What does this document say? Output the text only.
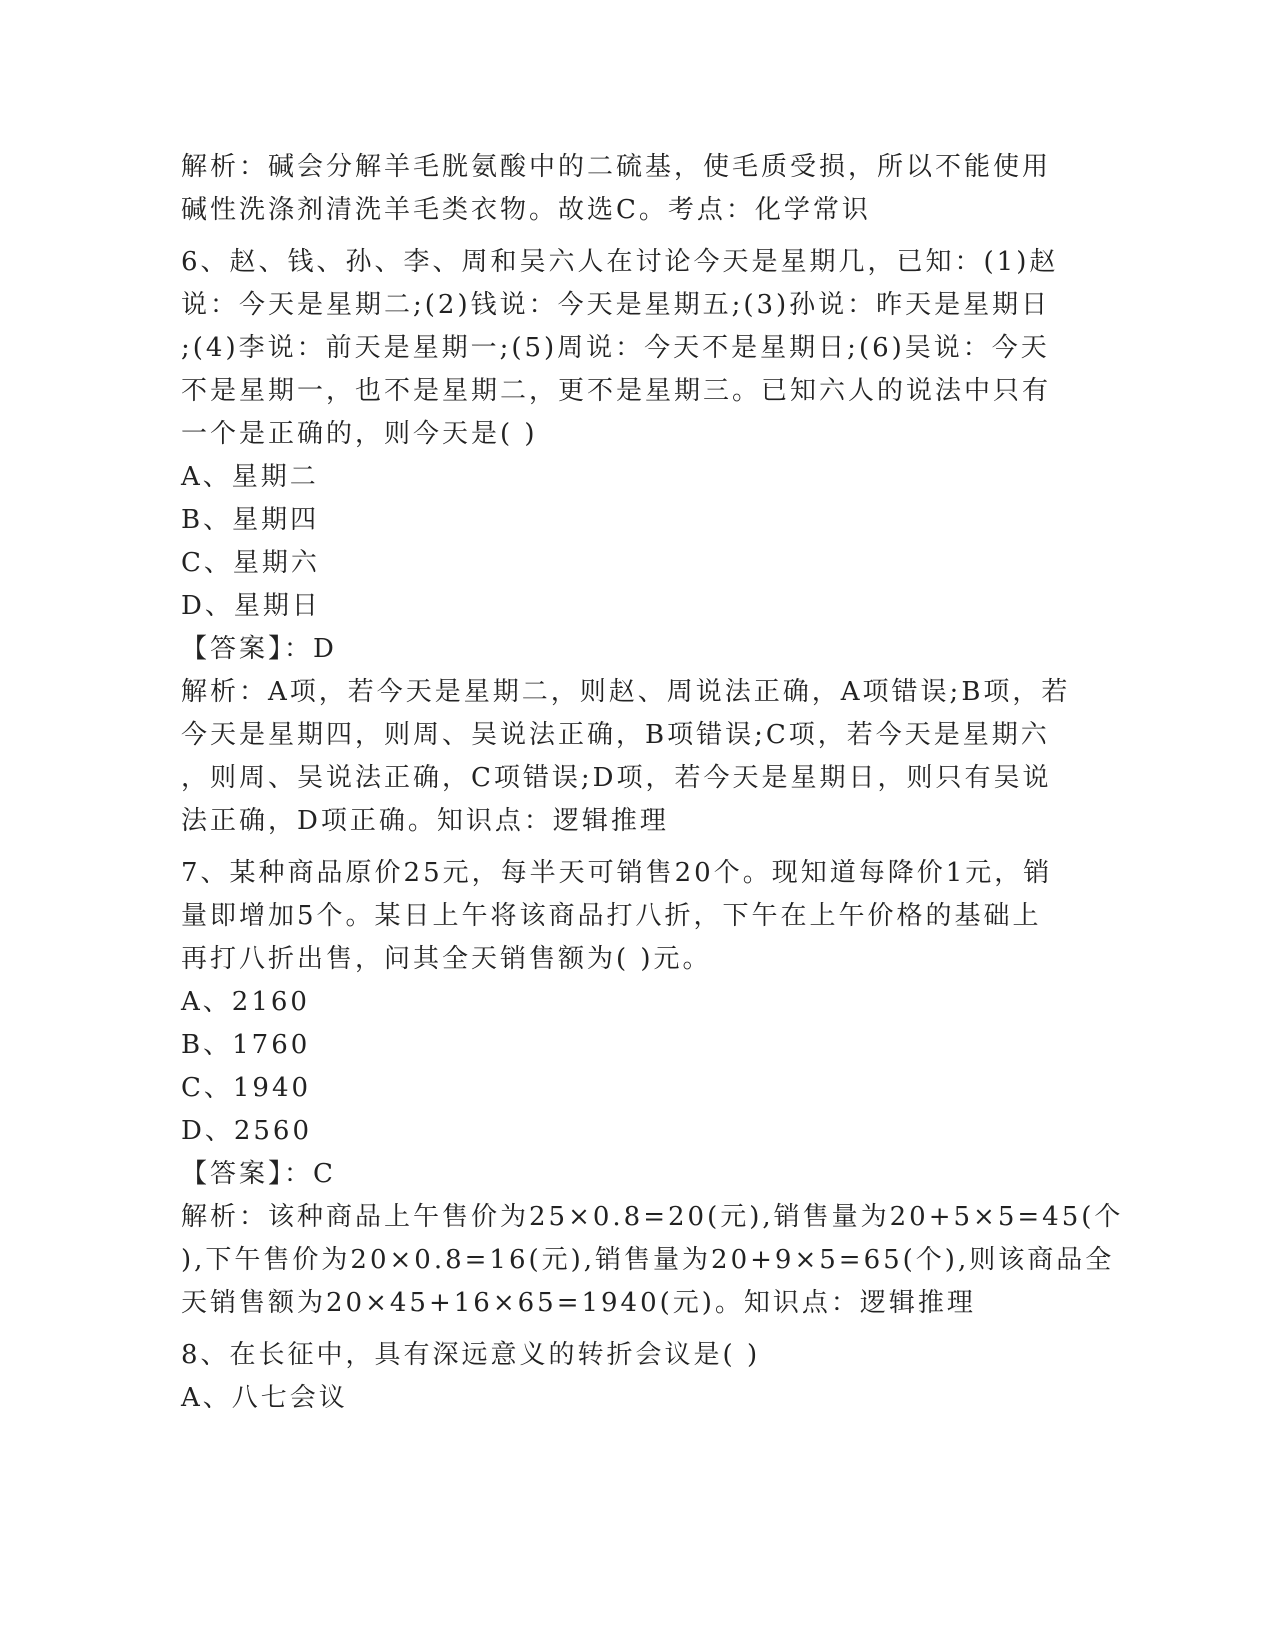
解析：碱会分解羊毛胱氨酸中的二硫基，使毛质受损，所以不能使用
碱性洗涤剂清洗羊毛类衣物。故选C。考点：化学常识
6、赵、钱、孙、李、周和吴六人在讨论今天是星期几，已知：(1)赵
说：今天是星期二;(2)钱说：今天是星期五;(3)孙说：昨天是星期日
;(4)李说：前天是星期一;(5)周说：今天不是星期日;(6)吴说：今天
不是星期一，也不是星期二，更不是星期三。已知六人的说法中只有
一个是正确的，则今天是( )
A、星期二
B、星期四
C、星期六
D、星期日
【答案】：D
解析：A项，若今天是星期二，则赵、周说法正确，A项错误;B项，若
今天是星期四，则周、吴说法正确，B项错误;C项，若今天是星期六
，则周、吴说法正确，C项错误;D项，若今天是星期日，则只有吴说
法正确，D项正确。知识点：逻辑推理
7、某种商品原价25元，每半天可销售20个。现知道每降价1元，销
量即增加5个。某日上午将该商品打八折，下午在上午价格的基础上
再打八折出售，问其全天销售额为( )元。
A、2160
B、1760
C、1940
D、2560
【答案】：C
解析：该种商品上午售价为25×0.8=20(元),销售量为20+5×5=45(个
),下午售价为20×0.8=16(元),销售量为20+9×5=65(个),则该商品全
天销售额为20×45+16×65=1940(元)。知识点：逻辑推理
8、在长征中，具有深远意义的转折会议是( )
A、八七会议
